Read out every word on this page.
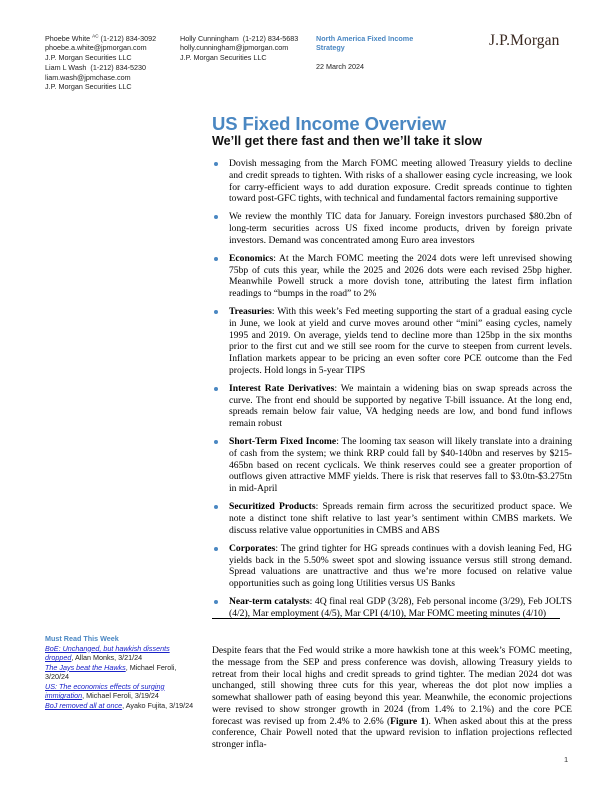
Phoebe White $^{AC}$ (1-212) 834-3092
phoebe.a.white@jpmorgan.com
J.P. Morgan Securities LLC
Liam L Wash (1-212) 834-5230
liam.wash@jpmchase.com
J.P. Morgan Securities LLC
Holly Cunningham (1-212) 834-5683
holly.cunningham@jpmorgan.com
J.P. Morgan Securities LLC
North America Fixed Income
Strategy
22 March 2024
J.P.Morgan
US Fixed Income Overview
We’ll get there fast and then we’ll take it slow
Dovish messaging from the March FOMC meeting allowed Treasury yields to decline and credit spreads to tighten. With risks of a shallower easing cycle increasing, we look for carry-efficient ways to add duration exposure. Credit spreads continue to tighten toward post-GFC tights, with technical and fundamental factors remaining supportive
We review the monthly TIC data for January. Foreign investors purchased $80.2bn of long-term securities across US fixed income products, driven by foreign private investors. Demand was concentrated among Euro area investors
Economics: At the March FOMC meeting the 2024 dots were left unrevised showing 75bp of cuts this year, while the 2025 and 2026 dots were each revised 25bp higher. Meanwhile Powell struck a more dovish tone, attributing the latest firm inflation readings to “bumps in the road” to 2%
Treasuries: With this week’s Fed meeting supporting the start of a gradual easing cycle in June, we look at yield and curve moves around other “mini” easing cycles, namely 1995 and 2019. On average, yields tend to decline more than 125bp in the six months prior to the first cut and we still see room for the curve to steepen from current levels. Inflation markets appear to be pricing an even softer core PCE outcome than the Fed projects. Hold longs in 5-year TIPS
Interest Rate Derivatives: We maintain a widening bias on swap spreads across the curve. The front end should be supported by negative T-bill issuance. At the long end, spreads remain below fair value, VA hedging needs are low, and bond fund inflows remain robust
Short-Term Fixed Income: The looming tax season will likely translate into a draining of cash from the system; we think RRP could fall by $40-140bn and reserves by $215-465bn based on recent cyclicals. We think reserves could see a greater proportion of outflows given attractive MMF yields. There is risk that reserves fall to $3.0tn-$3.275tn in mid-April
Securitized Products: Spreads remain firm across the securitized product space. We note a distinct tone shift relative to last year’s sentiment within CMBS markets. We discuss relative value opportunities in CMBS and ABS
Corporates: The grind tighter for HG spreads continues with a dovish leaning Fed, HG yields back in the 5.50% sweet spot and slowing issuance versus still strong demand. Spread valuations are unattractive and thus we’re more focused on relative value opportunities such as going long Utilities versus US Banks
Near-term catalysts: 4Q final real GDP (3/28), Feb personal income (3/29), Feb JOLTS (4/2), Mar employment (4/5), Mar CPI (4/10), Mar FOMC meeting minutes (4/10)
Must Read This Week
BoE: Unchanged, but hawkish dissents dropped, Allan Monks, 3/21/24
The Jays beat the Hawks, Michael Feroli, 3/20/24
US: The economics effects of surging immigration, Michael Feroli, 3/19/24
BoJ removed all at once, Ayako Fujita, 3/19/24

Despite fears that the Fed would strike a more hawkish tone at this week’s FOMC meeting, the message from the SEP and press conference was dovish, allowing Treasury yields to retreat from their local highs and credit spreads to grind tighter. The median 2024 dot was unchanged, still showing three cuts for this year, whereas the dot plot now implies a somewhat shallower path of easing beyond this year. Meanwhile, the economic projections were revised to show stronger growth in 2024 (from 1.4% to 2.1%) and the core PCE forecast was revised up from 2.4% to 2.6% (Figure 1). When asked about this at the press conference, Chair Powell noted that the upward revision to inflation projections reflected stronger infla-

1
